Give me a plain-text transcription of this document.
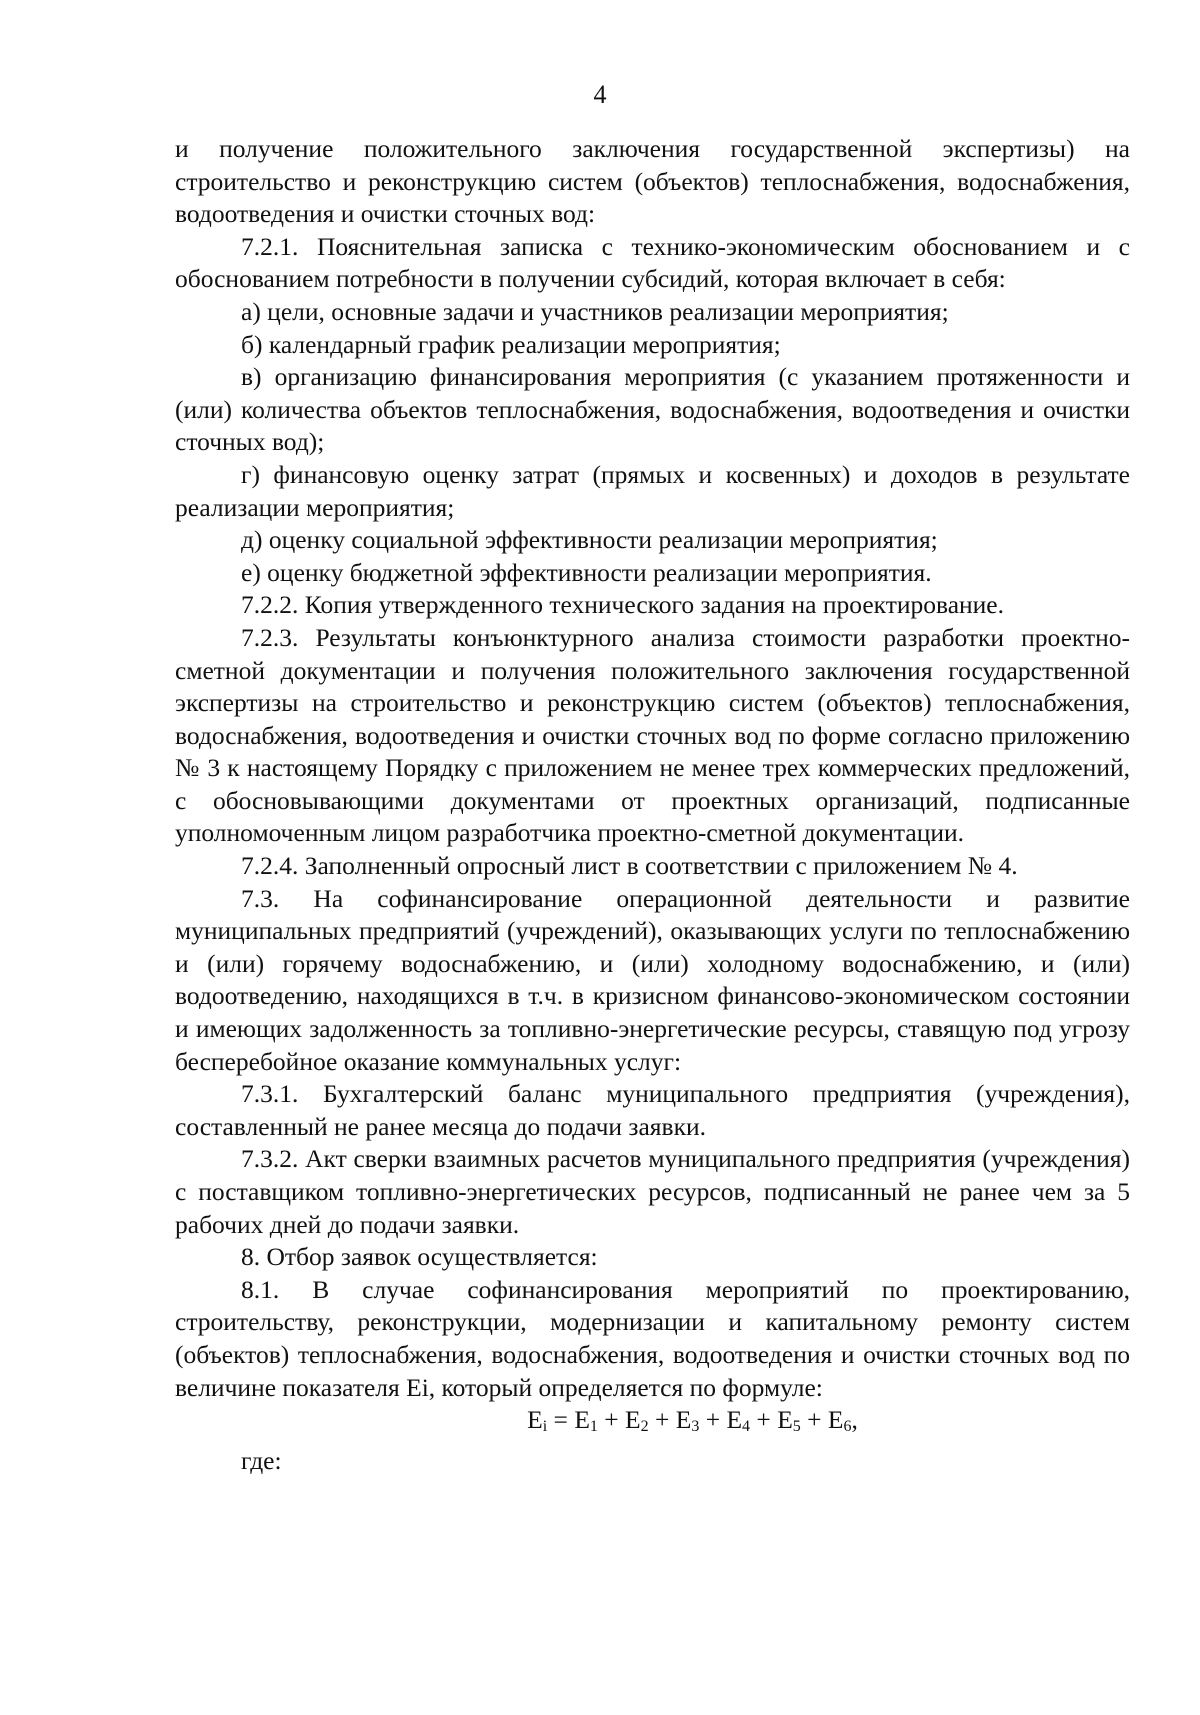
4

и получение положительного заключения государственной экспертизы) на строительство и реконструкцию систем (объектов) теплоснабжения, водоснабжения, водоотведения и очистки сточных вод:

7.2.1. Пояснительная записка с технико-экономическим обоснованием и с обоснованием потребности в получении субсидий, которая включает в себя:

а) цели, основные задачи и участников реализации мероприятия;

б) календарный график реализации мероприятия;

в) организацию финансирования мероприятия (с указанием протяженности и (или) количества объектов теплоснабжения, водоснабжения, водоотведения и очистки сточных вод);

г) финансовую оценку затрат (прямых и косвенных) и доходов в результате реализации мероприятия;

д) оценку социальной эффективности реализации мероприятия;

е) оценку бюджетной эффективности реализации мероприятия.

7.2.2. Копия утвержденного технического задания на проектирование.

7.2.3. Результаты конъюнктурного анализа стоимости разработки проектно-сметной документации и получения положительного заключения государственной экспертизы на строительство и реконструкцию систем (объектов) теплоснабжения, водоснабжения, водоотведения и очистки сточных вод по форме согласно приложению № 3 к настоящему Порядку с приложением не менее трех коммерческих предложений, с обосновывающими документами от проектных организаций, подписанные уполномоченным лицом разработчика проектно-сметной документации.

7.2.4. Заполненный опросный лист в соответствии с приложением № 4.

7.3. На софинансирование операционной деятельности и развитие муниципальных предприятий (учреждений), оказывающих услуги по теплоснабжению и (или) горячему водоснабжению, и (или) холодному водоснабжению, и (или) водоотведению, находящихся в т.ч. в кризисном финансово-экономическом состоянии и имеющих задолженность за топливно-энергетические ресурсы, ставящую под угрозу бесперебойное оказание коммунальных услуг:

7.3.1. Бухгалтерский баланс муниципального предприятия (учреждения), составленный не ранее месяца до подачи заявки.

7.3.2. Акт сверки взаимных расчетов муниципального предприятия (учреждения) с поставщиком топливно-энергетических ресурсов, подписанный не ранее чем за 5 рабочих дней до подачи заявки.

8. Отбор заявок осуществляется:

8.1. В случае софинансирования мероприятий по проектированию, строительству, реконструкции, модернизации и капитальному ремонту систем (объектов) теплоснабжения, водоснабжения, водоотведения и очистки сточных вод по величине показателя Еi, который определяется по формуле:

$E_i = E_1 + E_2 + E_3 + E_4 + E_5 + E_6$,

где:
